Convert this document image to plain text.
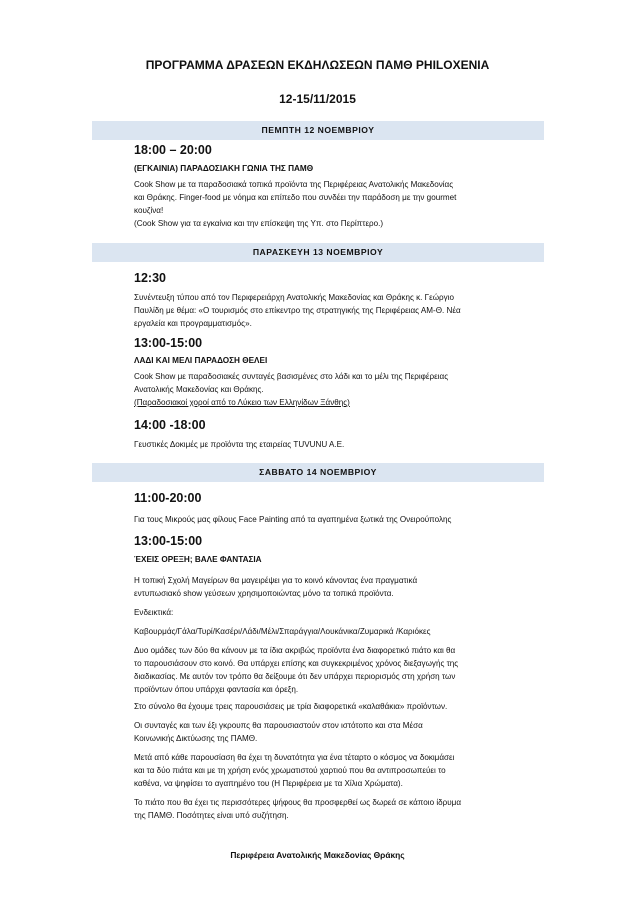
ΠΡΟΓΡΑΜΜΑ ΔΡΑΣΕΩΝ ΕΚΔΗΛΩΣΕΩΝ ΠΑΜΘ PHILOXENIA
12-15/11/2015
ΠΕΜΠΤΗ 12 ΝΟΕΜΒΡΙΟΥ
18:00 – 20:00
(ΕΓΚΑΙΝΙΑ) ΠΑΡΑΔΟΣΙΑΚΗ ΓΩΝΙΑ ΤΗΣ ΠΑΜΘ
Cook Show με τα παραδοσιακά τοπικά προϊόντα της Περιφέρειας Ανατολικής Μακεδονίας
και Θράκης. Finger-food με νόημα και επίπεδο που συνδέει την παράδοση με την gourmet
κουζίνα!
(Cook Show για τα εγκαίνια και την επίσκεψη της Υπ. στο Περίπτερο.)
ΠΑΡΑΣΚΕΥΗ 13 ΝΟΕΜΒΡΙΟΥ
12:30
Συνέντευξη τύπου από τον Περιφερειάρχη Ανατολικής Μακεδονίας και Θράκης κ. Γεώργιο
Παυλίδη με θέμα: «Ο τουρισμός στο επίκεντρο της στρατηγικής της Περιφέρειας ΑΜ-Θ. Νέα
εργαλεία και προγραμματισμός».
13:00-15:00
ΛΑΔΙ ΚΑΙ ΜΕΛΙ ΠΑΡΑΔΟΣΗ ΘΕΛΕΙ
Cook Show με παραδοσιακές συνταγές βασισμένες στο λάδι και το μέλι της Περιφέρειας
Ανατολικής Μακεδονίας και Θράκης.
(Παραδοσιακοί χοροί από το Λύκειο των Ελληνίδων Ξάνθης)
14:00 -18:00
Γευστικές Δοκιμές με προϊόντα της εταιρείας TUVUNU A.E.
ΣΑΒΒΑΤΟ 14 ΝΟΕΜΒΡΙΟΥ
11:00-20:00
Για τους Μικρούς μας φίλους Face Painting από τα αγαπημένα ξωτικά της Ονειρούπολης
13:00-15:00
ΈΧΕΙΣ ΟΡΕΞΗ; ΒΑΛΕ ΦΑΝΤΑΣΙΑ
Η τοπική Σχολή Μαγείρων θα μαγειρέψει για το κοινό κάνοντας ένα πραγματικά
εντυπωσιακό show γεύσεων χρησιμοποιώντας μόνο τα τοπικά προϊόντα.
Ενδεικτικά:
Καβουρμάς/Γάλα/Τυρί/Κασέρι/Λάδι/Μέλι/Σπαράγγια/Λουκάνικα/Ζυμαρικά /Καριόκες
Δυο ομάδες των δύο θα κάνουν με τα ίδια ακριβώς προϊόντα ένα διαφορετικό πιάτο και θα
το παρουσιάσουν στο κοινό. Θα υπάρχει επίσης και συγκεκριμένος χρόνος διεξαγωγής της
διαδικασίας. Με αυτόν τον τρόπο θα δείξουμε ότι δεν υπάρχει περιορισμός στη χρήση των
προϊόντων όπου υπάρχει φαντασία και όρεξη.
Στο σύνολο θα έχουμε τρεις παρουσιάσεις με τρία διαφορετικά «καλαθάκια» προϊόντων.
Οι συνταγές και των έξι γκρουπς θα παρουσιαστούν στον ιστότοπο και στα Μέσα
Κοινωνικής Δικτύωσης της ΠΑΜΘ.
Μετά από κάθε παρουσίαση θα έχει τη δυνατότητα για ένα τέταρτο ο κόσμος να δοκιμάσει
και τα δύο πιάτα και με τη χρήση ενός χρωματιστού χαρτιού που θα αντιπροσωπεύει το
καθένα, να ψηφίσει το αγαπημένο του (Η Περιφέρεια με τα Χίλια Χρώματα).
Το πιάτο που θα έχει τις περισσότερες ψήφους θα προσφερθεί ως δωρεά σε κάποιο ίδρυμα
της ΠΑΜΘ. Ποσότητες είναι υπό συζήτηση.
Περιφέρεια Ανατολικής Μακεδονίας Θράκης
